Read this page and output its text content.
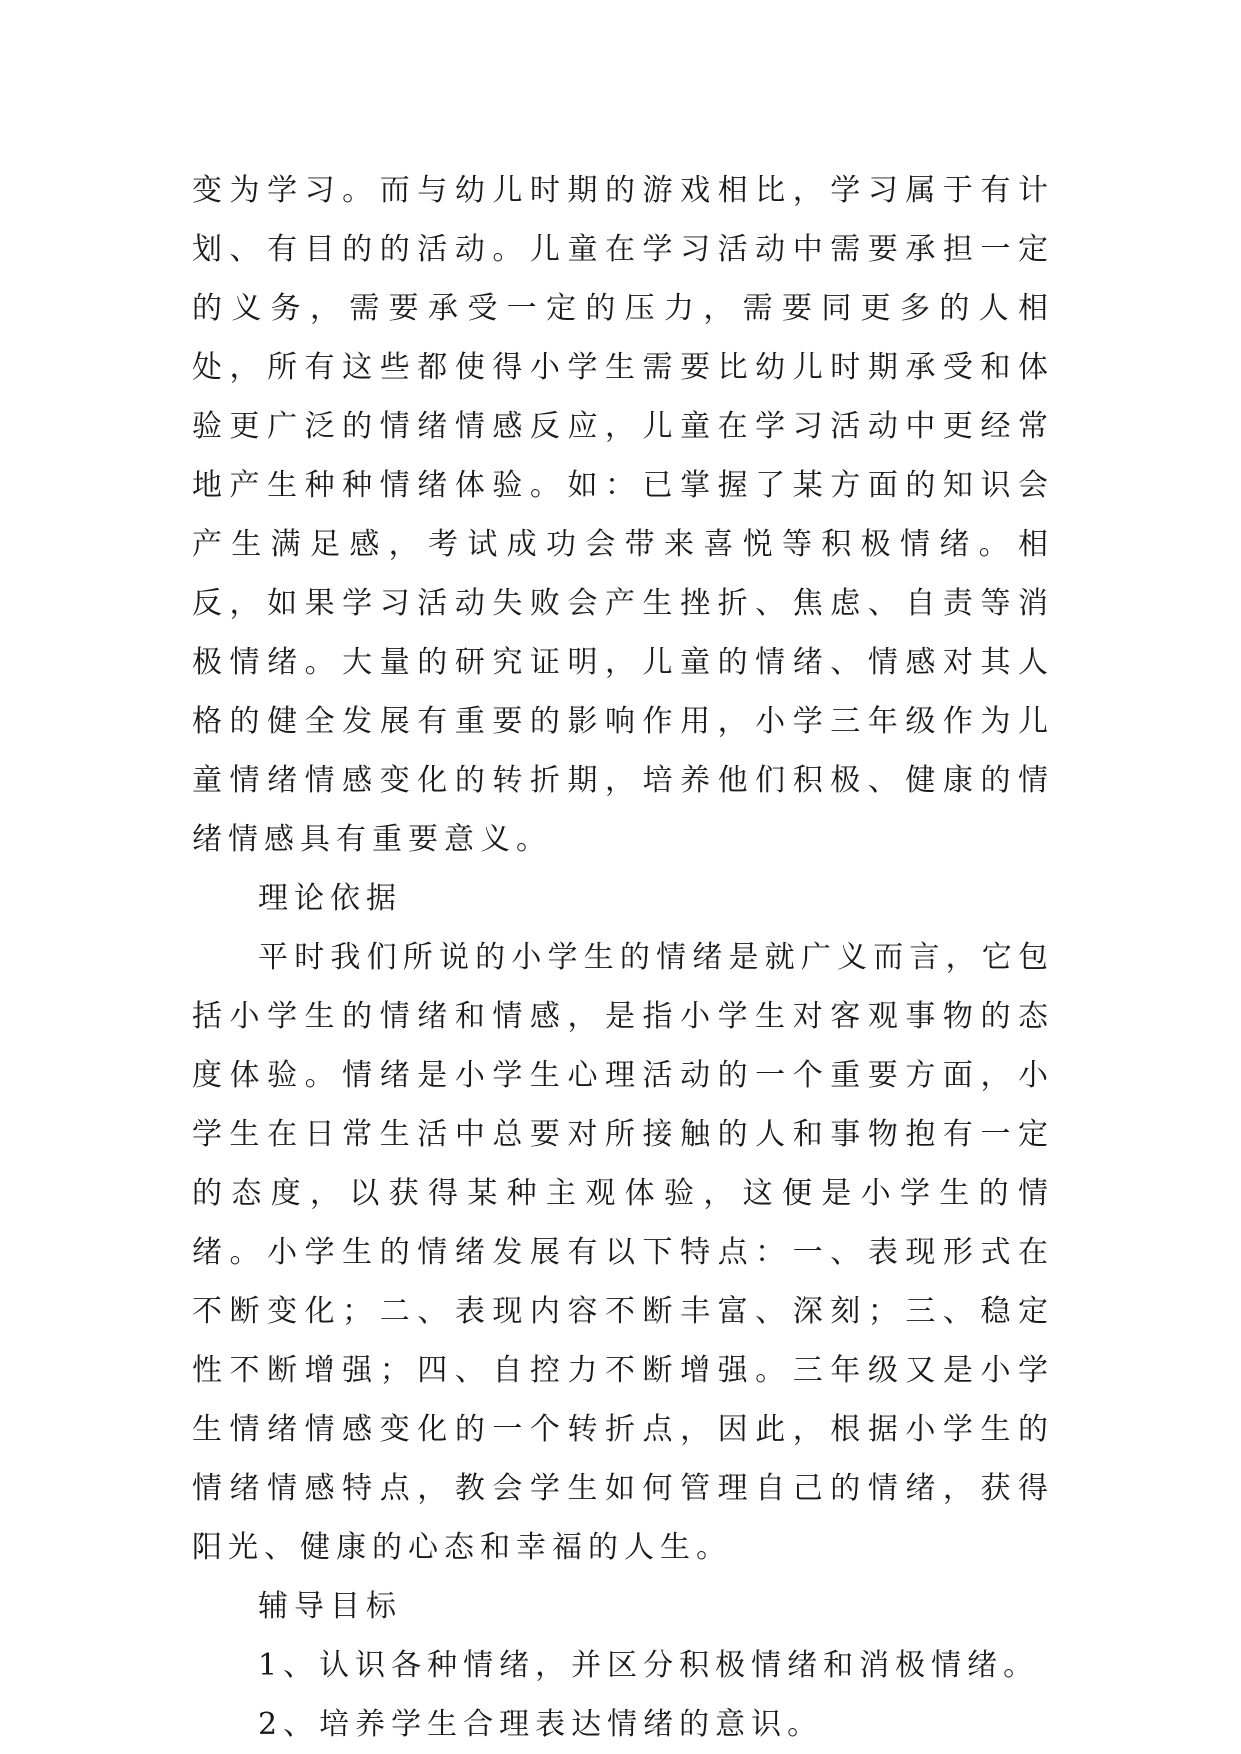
变为学习。而与幼儿时期的游戏相比，学习属于有计划、有目的的活动。儿童在学习活动中需要承担一定的义务，需要承受一定的压力，需要同更多的人相处，所有这些都使得小学生需要比幼儿时期承受和体验更广泛的情绪情感反应，儿童在学习活动中更经常地产生种种情绪体验。如：已掌握了某方面的知识会产生满足感，考试成功会带来喜悦等积极情绪。相反，如果学习活动失败会产生挫折、焦虑、自责等消极情绪。大量的研究证明，儿童的情绪、情感对其人格的健全发展有重要的影响作用，小学三年级作为儿童情绪情感变化的转折期，培养他们积极、健康的情绪情感具有重要意义。

理论依据

平时我们所说的小学生的情绪是就广义而言，它包括小学生的情绪和情感，是指小学生对客观事物的态度体验。情绪是小学生心理活动的一个重要方面，小学生在日常生活中总要对所接触的人和事物抱有一定的态度，以获得某种主观体验，这便是小学生的情绪。小学生的情绪发展有以下特点：一、表现形式在不断变化；二、表现内容不断丰富、深刻；三、稳定性不断增强；四、自控力不断增强。三年级又是小学生情绪情感变化的一个转折点，因此，根据小学生的情绪情感特点，教会学生如何管理自己的情绪，获得阳光、健康的心态和幸福的人生。

辅导目标

1、认识各种情绪，并区分积极情绪和消极情绪。

2、培养学生合理表达情绪的意识。
